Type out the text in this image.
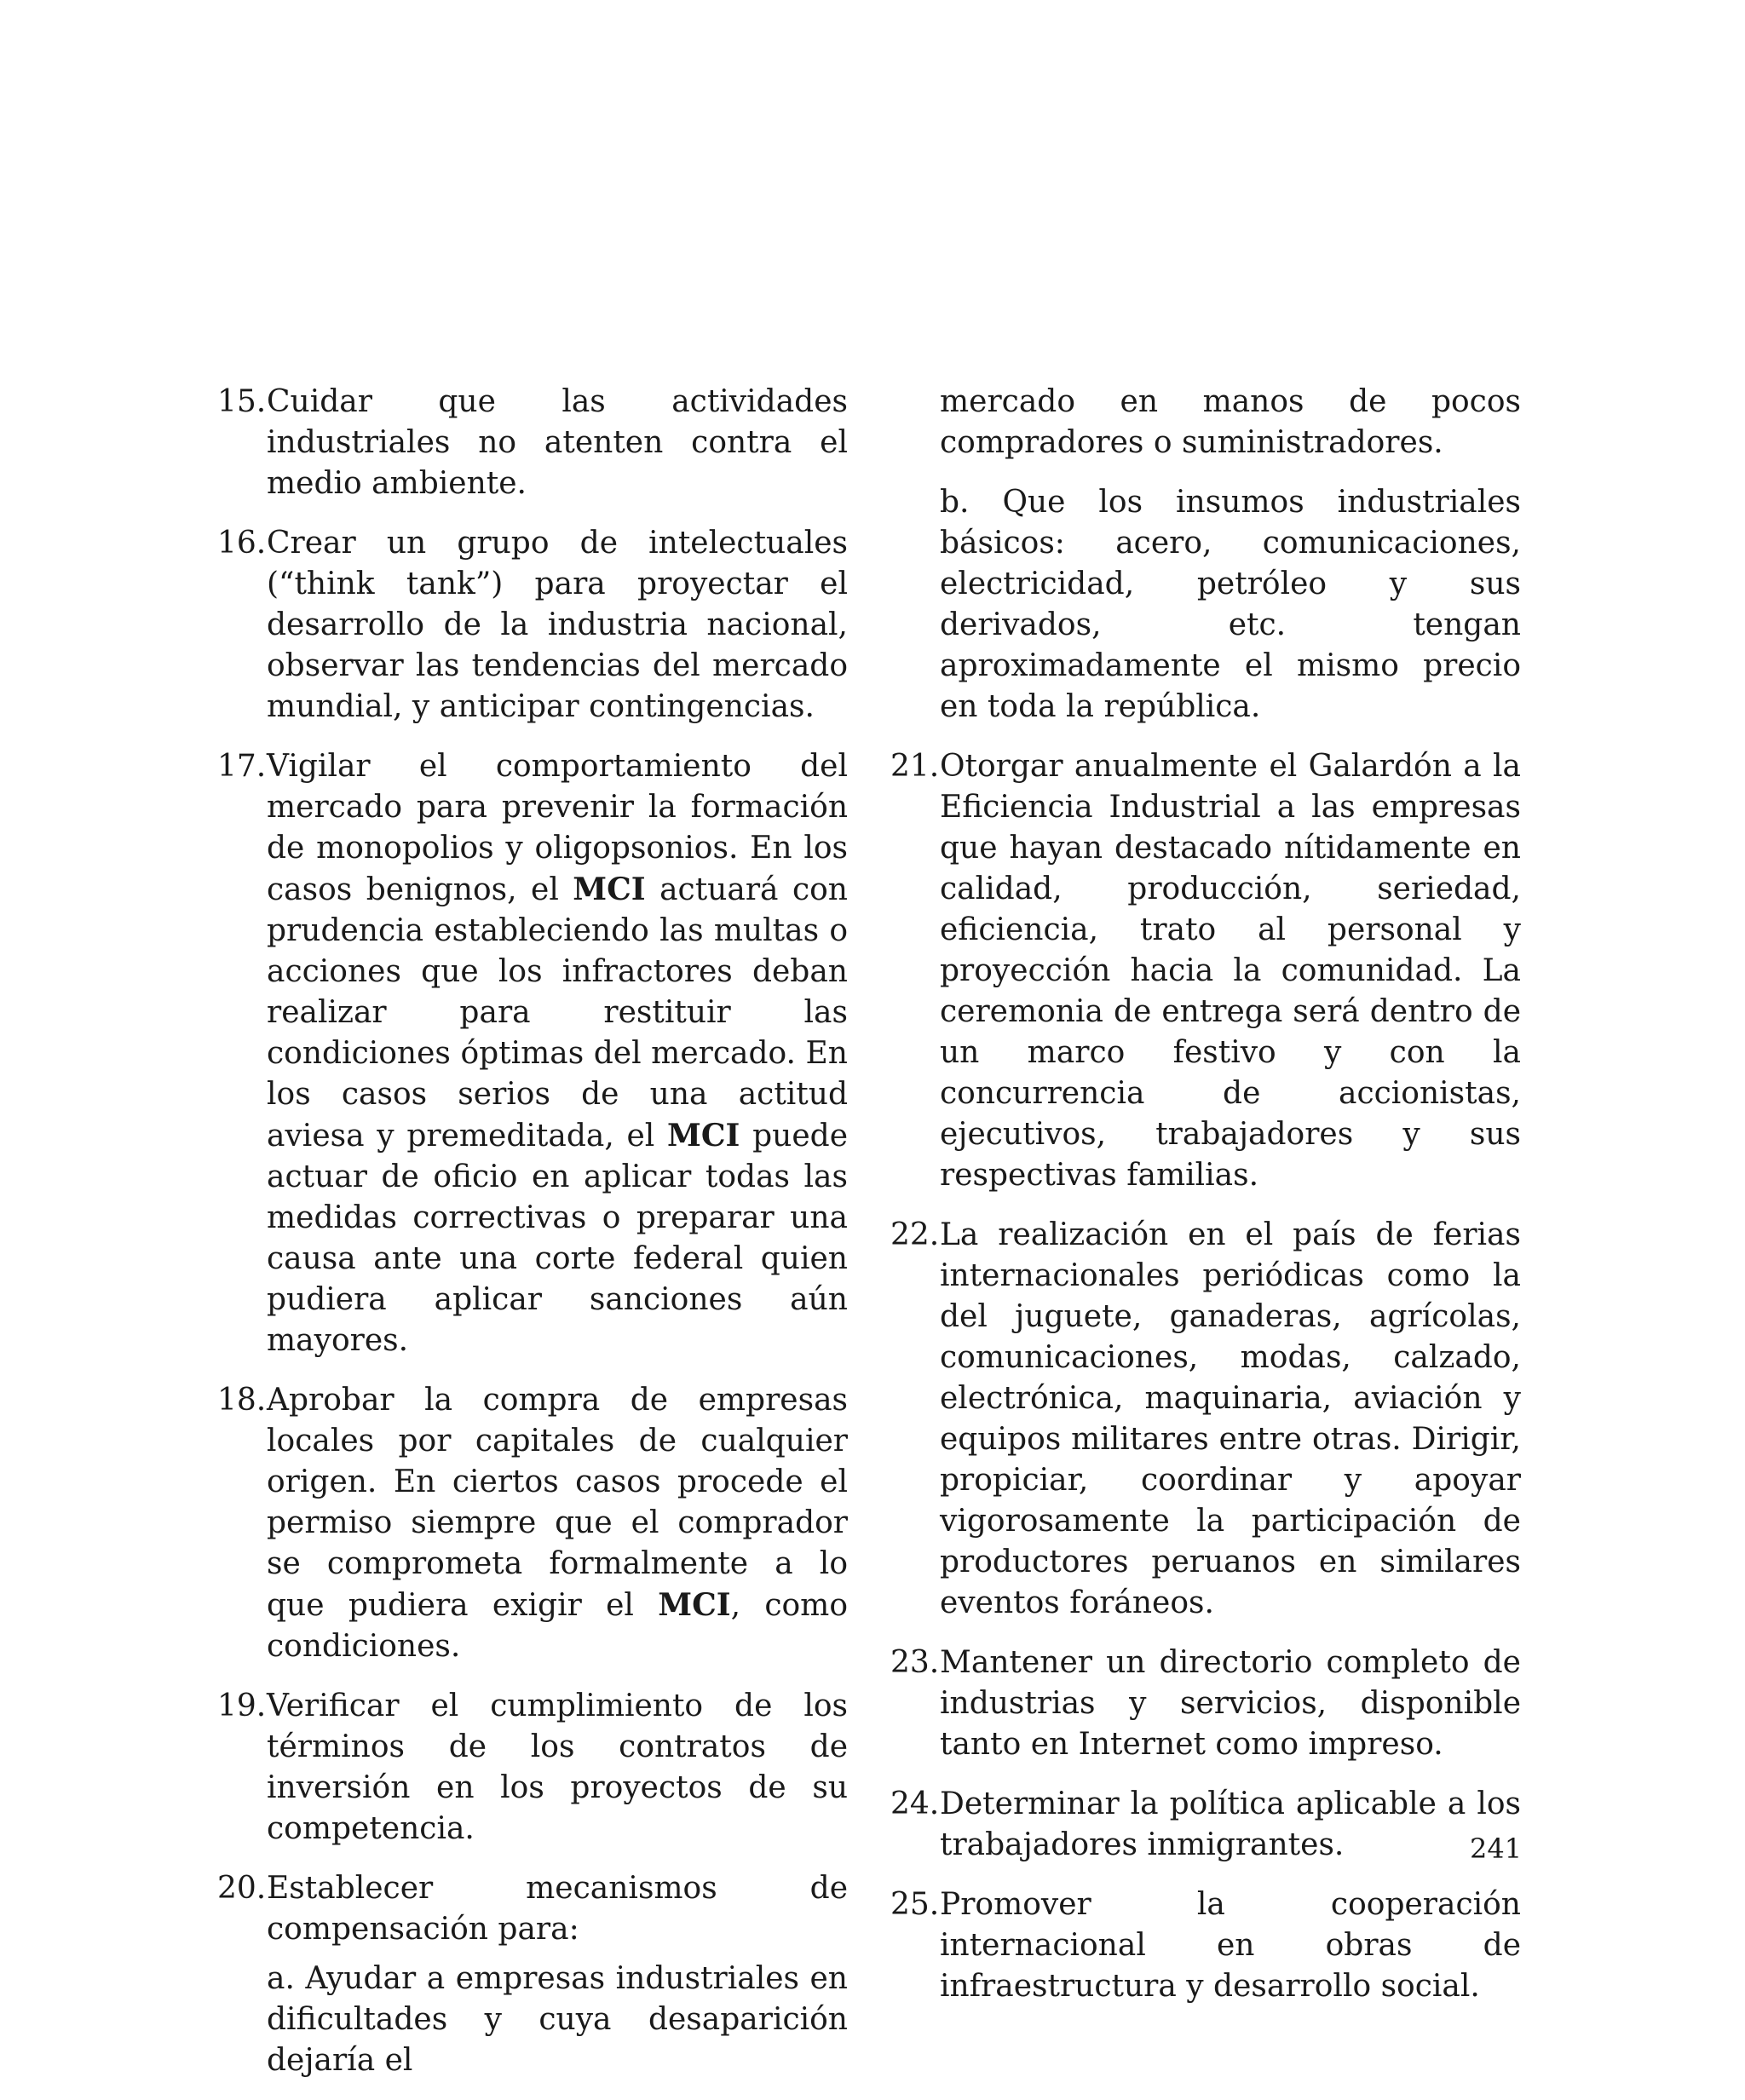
15. Cuidar que las actividades industriales no atenten contra el medio ambiente.

16. Crear un grupo de intelectuales (“think tank”) para proyectar el desarrollo de la industria nacional, observar las tendencias del mercado mundial, y anticipar contingencias.

17. Vigilar el comportamiento del mercado para prevenir la formación de monopolios y oligopsonios. En los casos benignos, el MCI actuará con prudencia estableciendo las multas o acciones que los infractores deban realizar para restituir las condiciones óptimas del mercado. En los casos serios de una actitud aviesa y premeditada, el MCI puede actuar de oficio en aplicar todas las medidas correctivas o preparar una causa ante una corte federal quien pudiera aplicar sanciones aún mayores.

18. Aprobar la compra de empresas locales por capitales de cualquier origen. En ciertos casos procede el permiso siempre que el comprador se comprometa formalmente a lo que pudiera exigir el MCI, como condiciones.

19. Verificar el cumplimiento de los términos de los contratos de inversión en los proyectos de su competencia.

20. Establecer mecanismos de compensación para:

a. Ayudar a empresas industriales en dificultades y cuya desaparición dejaría el

mercado en manos de pocos compradores o suministradores.

b. Que los insumos industriales básicos: acero, comunicaciones, electricidad, petróleo y sus derivados, etc. tengan aproximadamente el mismo precio en toda la república.

21. Otorgar anualmente el Galardón a la Eficiencia Industrial a las empresas que hayan destacado nítidamente en calidad, producción, seriedad, eficiencia, trato al personal y proyección hacia la comunidad. La ceremonia de entrega será dentro de un marco festivo y con la concurrencia de accionistas, ejecutivos, trabajadores y sus respectivas familias.

22. La realización en el país de ferias internacionales periódicas como la del juguete, ganaderas, agrícolas, comunicaciones, modas, calzado, electrónica, maquinaria, aviación y equipos militares entre otras. Dirigir, propiciar, coordinar y apoyar vigorosamente la participación de productores peruanos en similares eventos foráneos.

23. Mantener un directorio completo de industrias y servicios, disponible tanto en Internet como impreso.

24. Determinar la política aplicable a los trabajadores inmigrantes.

25. Promover la cooperación internacional en obras de infraestructura y desarrollo social.

241
